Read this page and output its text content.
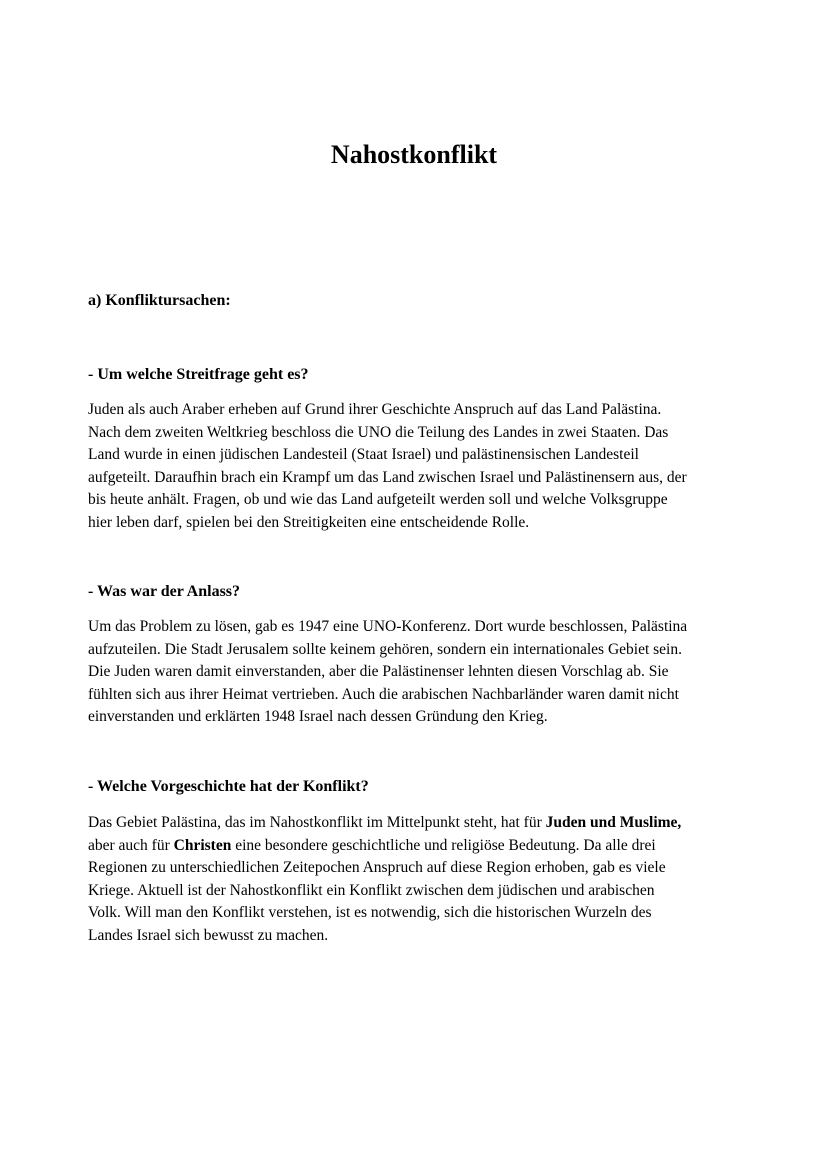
Nahostkonflikt
a) Konfliktursachen:
- Um welche Streitfrage geht es?

Juden als auch Araber erheben auf Grund ihrer Geschichte Anspruch auf das Land Palästina.
Nach dem zweiten Weltkrieg beschloss die UNO die Teilung des Landes in zwei Staaten. Das
Land wurde in einen jüdischen Landesteil (Staat Israel) und palästinensischen Landesteil
aufgeteilt. Daraufhin brach ein Krampf um das Land zwischen Israel und Palästinensern aus, der
bis heute anhält. Fragen, ob und wie das Land aufgeteilt werden soll und welche Volksgruppe
hier leben darf, spielen bei den Streitigkeiten eine entscheidende Rolle.

- Was war der Anlass?

Um das Problem zu lösen, gab es 1947 eine UNO-Konferenz. Dort wurde beschlossen, Palästina
aufzuteilen. Die Stadt Jerusalem sollte keinem gehören, sondern ein internationales Gebiet sein.
Die Juden waren damit einverstanden, aber die Palästinenser lehnten diesen Vorschlag ab. Sie
fühlten sich aus ihrer Heimat vertrieben. Auch die arabischen Nachbarländer waren damit nicht
einverstanden und erklärten 1948 Israel nach dessen Gründung den Krieg.

- Welche Vorgeschichte hat der Konflikt?

Das Gebiet Palästina, das im Nahostkonflikt im Mittelpunkt steht, hat für Juden und Muslime,
aber auch für Christen eine besondere geschichtliche und religiöse Bedeutung. Da alle drei
Regionen zu unterschiedlichen Zeitepochen Anspruch auf diese Region erhoben, gab es viele
Kriege. Aktuell ist der Nahostkonflikt ein Konflikt zwischen dem jüdischen und arabischen
Volk. Will man den Konflikt verstehen, ist es notwendig, sich die historischen Wurzeln des
Landes Israel sich bewusst zu machen.
